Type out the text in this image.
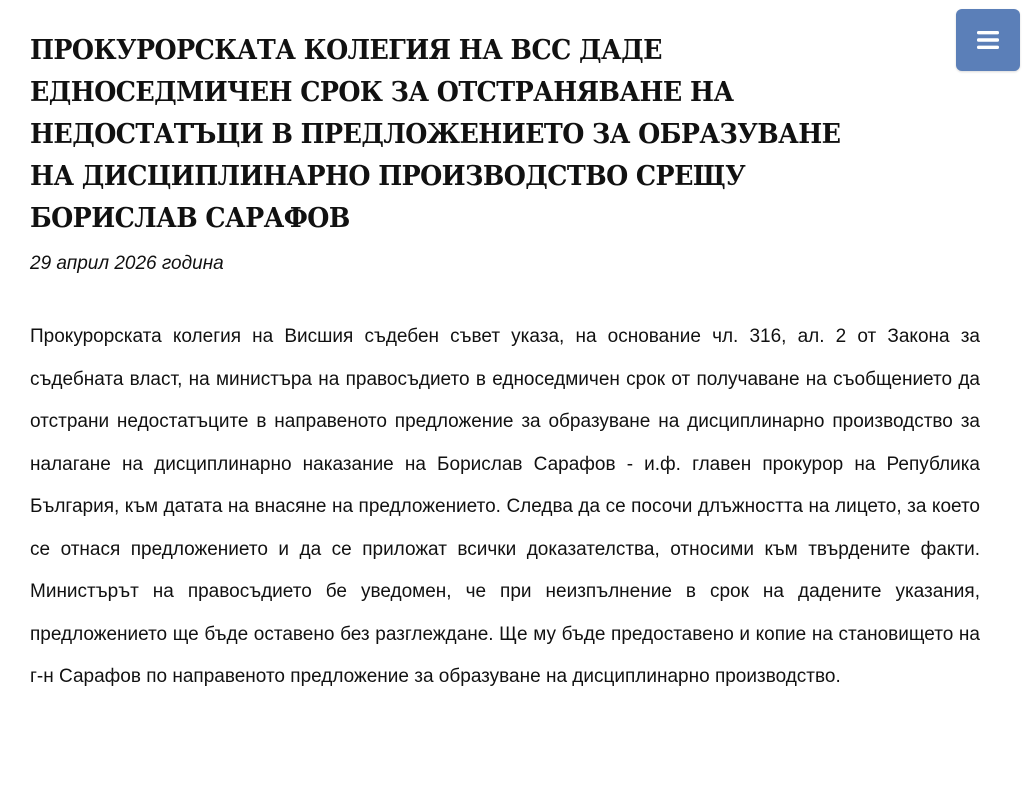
ПРОКУРОРСКАТА КОЛЕГИЯ НА ВСС ДАДЕ ЕДНОСЕДМИЧЕН СРОК ЗА ОТСТРАНЯВАНЕ НА НЕДОСТАТЪЦИ В ПРЕДЛОЖЕНИЕТО ЗА ОБРАЗУВАНЕ НА ДИСЦИПЛИНАРНО ПРОИЗВОДСТВО СРЕЩУ БОРИСЛАВ САРАФОВ

29 април 2026 година

Прокурорската колегия на Висшия съдебен съвет указа, на основание чл. 316, ал. 2 от Закона за съдебната власт, на министъра на правосъдието в едноседмичен срок от получаване на съобщението да отстрани недостатъците в направеното предложение за образуване на дисциплинарно производство за налагане на дисциплинарно наказание на Борислав Сарафов - и.ф. главен прокурор на Република България, към датата на внасяне на предложението. Следва да се посочи длъжността на лицето, за което се отнася предложението и да се приложат всички доказателства, относими към твърдените факти. Министърът на правосъдието бе уведомен, че при неизпълнение в срок на дадените указания, предложението ще бъде оставено без разглеждане. Ще му бъде предоставено и копие на становището на г-н Сарафов по направеното предложение за образуване на дисциплинарно производство.
